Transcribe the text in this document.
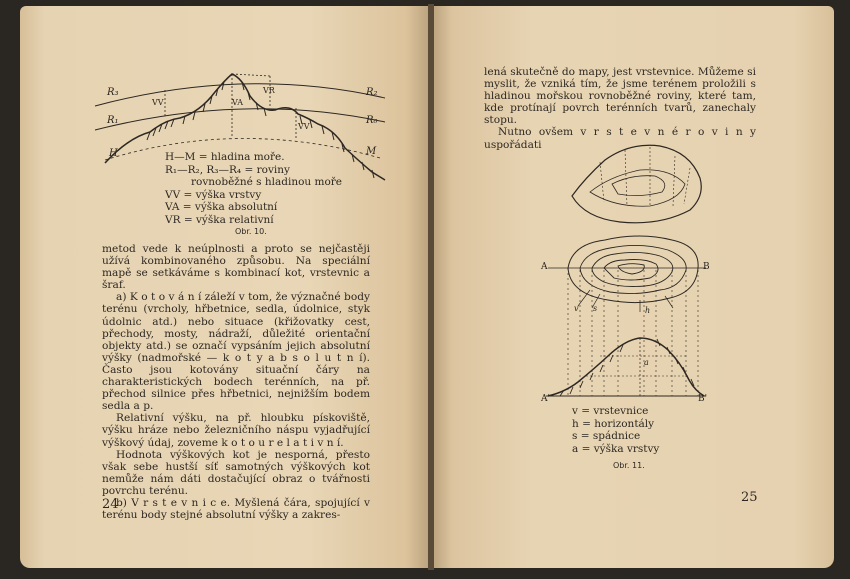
R₃
R₁
R₂
R₀
VV	VA
VR
VV
H	M
H—M = hladina moře.
R₁—R₂, R₃—R₄ = roviny
rovnoběžné s hladinou moře
VV = výška vrstvy
VA = výška absolutní
VR = výška relativní
Obr. 10.

metod vede k neúplnosti a proto se nejčastěji užívá kombinovaného způsobu. Na speciální mapě se setkáváme s kombinací kot, vrstevnic a šraf.

a) K o t o v á n í záleží v tom, že význačné body terénu (vrcholy, hřbetnice, sedla, údolnice, styk údolnic atd.) nebo situace (křižovatky cest, přechody, mosty, nádraží, důležité orientační objekty atd.) se označí vypsáním jejich absolutní výšky (nadmořské — k o t y a b s o l u t n í). Často jsou kotovány situační čáry na charakteristických bodech terénních, na př. přechod silnice přes hřbetnici, nejnižším bodem sedla a p.

Relativní výšku, na př. hloubku pískoviště, výšku hráze nebo železničního náspu vyjadřující výškový údaj, zoveme k o t o u r e l a t i v n í.

Hodnota výškových kot je nesporná, přesto však sebe hustší síť samotných výškových kot nemůže nám dáti dostačující obraz o tvářnosti povrchu terénu.

b) V r s t e v n i c e. Myšlená čára, spojující v terénu body stejné absolutní výšky a zakres-

24

lená skutečně do mapy, jest vrstevnice. Můžeme si myslit, že vzniká tím, že jsme terénem proložili s hladinou mořskou rovnoběžné roviny, které tam, kde protínají povrch terénních tvarů, zanechaly stopu.

Nutno ovšem v r s t e v n é r o v i n y uspořádati

A	B
A'	B'
v	h
s
a
v = vrstevnice
h = horizontály
s = spádnice
a = výška vrstvy
Obr. 11.
25
